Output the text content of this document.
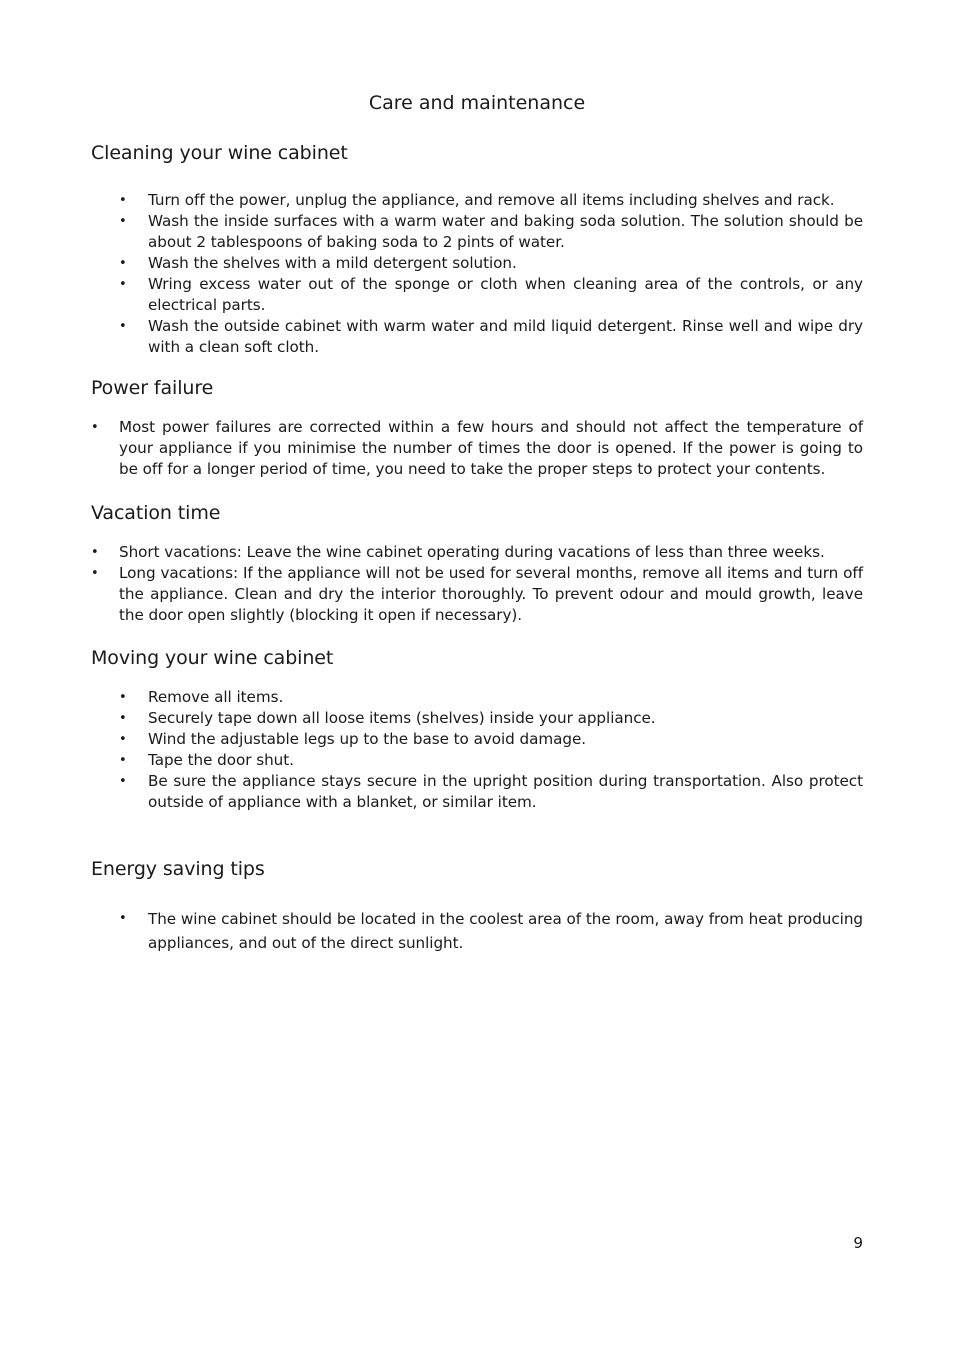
Care and maintenance
Cleaning your wine cabinet
• Turn off the power, unplug the appliance, and remove all items including shelves and rack.
• Wash the inside surfaces with a warm water and baking soda solution. The solution should be about 2 tablespoons of baking soda to 2 pints of water.
• Wash the shelves with a mild detergent solution.
• Wring excess water out of the sponge or cloth when cleaning area of the controls, or any electrical parts.
• Wash the outside cabinet with warm water and mild liquid detergent. Rinse well and wipe dry with a clean soft cloth.
Power failure
• Most power failures are corrected within a few hours and should not affect the temperature of your appliance if you minimise the number of times the door is opened. If the power is going to be off for a longer period of time, you need to take the proper steps to protect your contents.
Vacation time
• Short vacations: Leave the wine cabinet operating during vacations of less than three weeks.
• Long vacations: If the appliance will not be used for several months, remove all items and turn off the appliance. Clean and dry the interior thoroughly. To prevent odour and mould growth, leave the door open slightly (blocking it open if necessary).
Moving your wine cabinet
• Remove all items.
• Securely tape down all loose items (shelves) inside your appliance.
• Wind the adjustable legs up to the base to avoid damage.
• Tape the door shut.
• Be sure the appliance stays secure in the upright position during transportation. Also protect outside of appliance with a blanket, or similar item.
Energy saving tips
• The wine cabinet should be located in the coolest area of the room, away from heat producing appliances, and out of the direct sunlight.
9
